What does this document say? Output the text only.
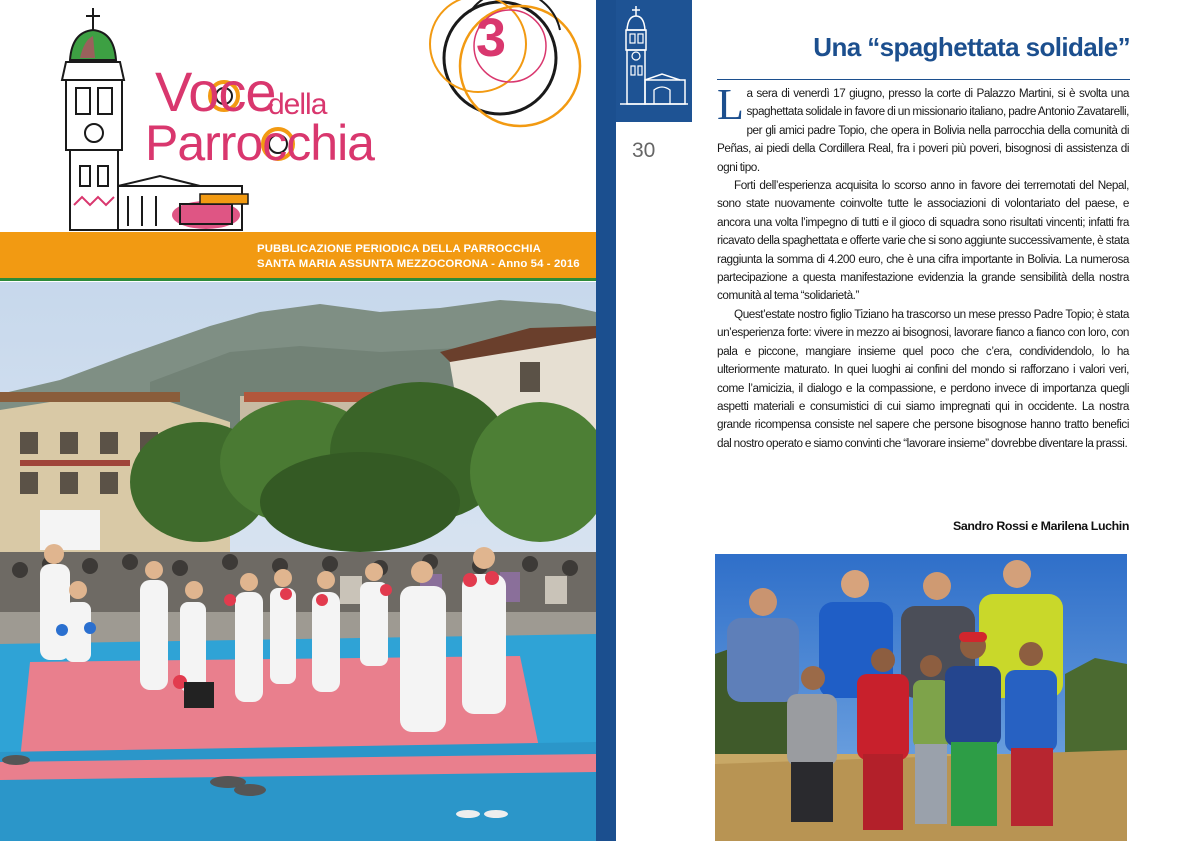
3
Voce
della
Parrocchia
PUBBLICAZIONE PERIODICA DELLA PARROCCHIA
SANTA MARIA ASSUNTA MEZZOCORONA - Anno 54 - 2016
30
Una “spaghettata solidale”

La sera di venerdì 17 giugno, presso la corte di Palazzo Martini, si è svolta una spaghettata solidale in favore di un missionario italiano, padre Antonio Zavatarelli, per gli amici padre Topio, che opera in Bolivia nella parrocchia della comunità di Peñas, ai piedi della Cordillera Real, fra i poveri più poveri, bisognosi di assistenza di ogni tipo.

Forti dell’esperienza acquisita lo scorso anno in favore dei terremotati del Nepal, sono state nuovamente coinvolte tutte le associazioni di volontariato del paese, e ancora una volta l’impegno di tutti e il gioco di squadra sono risultati vincenti; infatti fra ricavato della spaghettata e offerte varie che si sono aggiunte successivamente, è stata raggiunta la somma di 4.200 euro, che è una cifra importante in Bolivia. La numerosa partecipazione a questa manifestazione evidenzia la grande sensibilità della nostra comunità al tema “solidarietà.”

Quest’estate nostro figlio Tiziano ha trascorso un mese presso Padre Topio; è stata un’esperienza forte: vivere in mezzo ai bisognosi, lavorare fianco a fianco con loro, con pala e piccone, mangiare insieme quel poco che c’era, condividendolo, lo ha ulteriormente maturato. In quei luoghi ai confini del mondo si rafforzano i valori veri, come l’amicizia, il dialogo e la compassione, e perdono invece di importanza quegli aspetti materiali e consumistici di cui siamo impregnati qui in occidente. La nostra grande ricompensa consiste nel sapere che persone bisognose hanno tratto benefici dal nostro operato e siamo convinti che “lavorare insieme” dovrebbe diventare la prassi.

Sandro Rossi e Marilena Luchin
